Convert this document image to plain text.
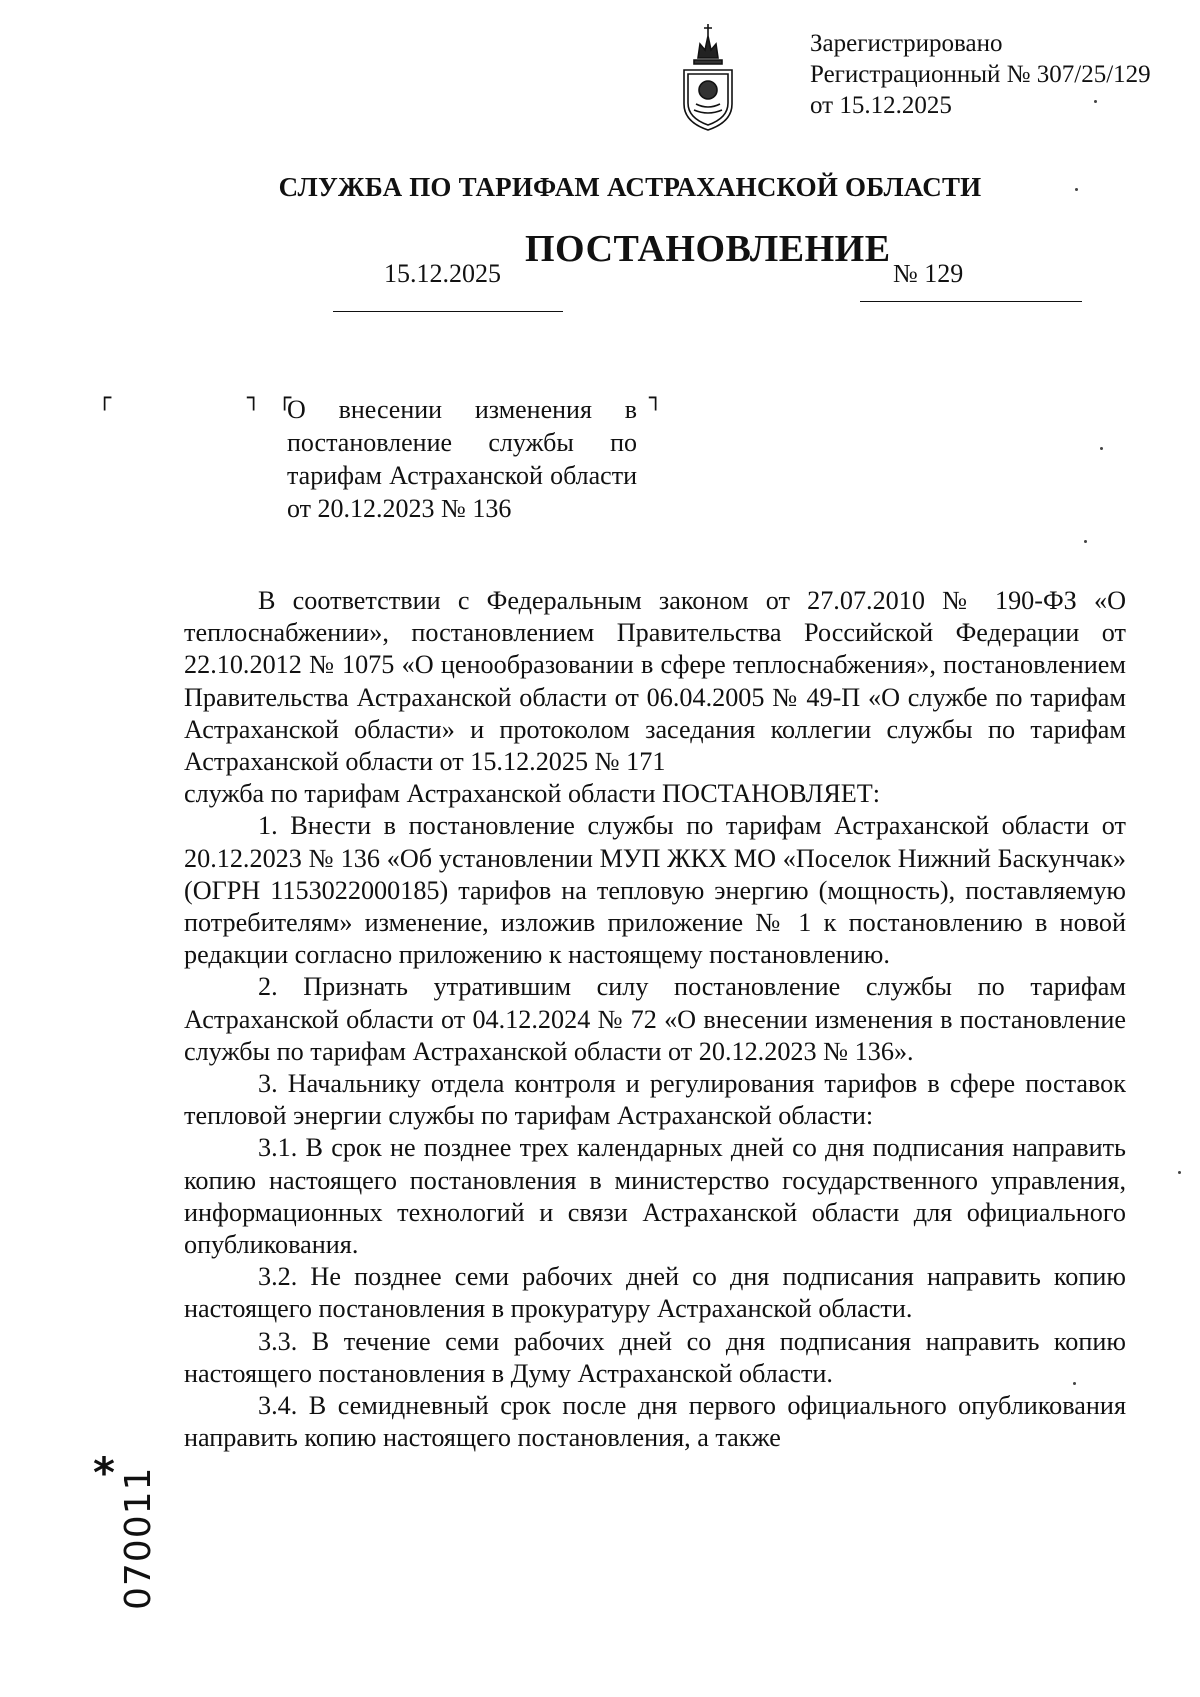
Зарегистрировано
Регистрационный № 307/25/129
от 15.12.2025
СЛУЖБА ПО ТАРИФАМ АСТРАХАНСКОЙ ОБЛАСТИ
ПОСТАНОВЛЕНИЕ
15.12.2025	№ 129
┌	┐ ┌	┐
О внесении изменения в постановление службы по тарифам Астраханской области от 20.12.2023 № 136

В соответствии с Федеральным законом от 27.07.2010 № 190-ФЗ «О теплоснабжении», постановлением Правительства Российской Федерации от 22.10.2012 № 1075 «О ценообразовании в сфере теплоснабжения», постановлением Правительства Астраханской области от 06.04.2005 № 49-П «О службе по тарифам Астраханской области» и протоколом заседания коллегии службы по тарифам Астраханской области от 15.12.2025 № 171

служба по тарифам Астраханской области ПОСТАНОВЛЯЕТ:

1. Внести в постановление службы по тарифам Астраханской области от 20.12.2023 № 136 «Об установлении МУП ЖКХ МО «Поселок Нижний Баскунчак» (ОГРН 1153022000185) тарифов на тепловую энергию (мощность), поставляемую потребителям» изменение, изложив приложение № 1 к постановлению в новой редакции согласно приложению к настоящему постановлению.

2. Признать утратившим силу постановление службы по тарифам Астраханской области от 04.12.2024 № 72 «О внесении изменения в постановление службы по тарифам Астраханской области от 20.12.2023 № 136».

3. Начальнику отдела контроля и регулирования тарифов в сфере поставок тепловой энергии службы по тарифам Астраханской области:

3.1. В срок не позднее трех календарных дней со дня подписания направить копию настоящего постановления в министерство государственного управления, информационных технологий и связи Астраханской области для официального опубликования.

3.2. Не позднее семи рабочих дней со дня подписания направить копию настоящего постановления в прокуратуру Астраханской области.

3.3. В течение семи рабочих дней со дня подписания направить копию настоящего постановления в Думу Астраханской области.

3.4. В семидневный срок после дня первого официального опубликования направить копию настоящего постановления, а также

* 070011
